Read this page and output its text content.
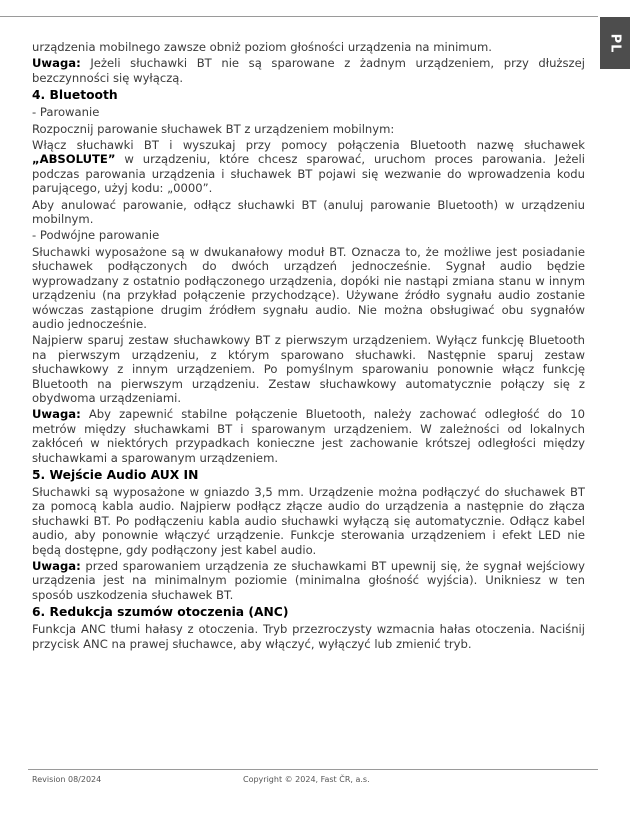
PL

urządzenia mobilnego zawsze obniż poziom głośności urządzenia na minimum.

Uwaga: Jeżeli słuchawki BT nie są sparowane z żadnym urządzeniem, przy dłuższej bezczynności się wyłączą.

4. Bluetooth

- Parowanie

Rozpocznij parowanie słuchawek BT z urządzeniem mobilnym:

Włącz słuchawki BT i wyszukaj przy pomocy połączenia Bluetooth nazwę słuchawek „ABSOLUTE” w urządzeniu, które chcesz sparować, uruchom proces parowania. Jeżeli podczas parowania urządzenia i słuchawek BT pojawi się wezwanie do wprowadzenia kodu parującego, użyj kodu: „0000”.

Aby anulować parowanie, odłącz słuchawki BT (anuluj parowanie Bluetooth) w urządzeniu mobilnym.

- Podwójne parowanie

Słuchawki wyposażone są w dwukanałowy moduł BT. Oznacza to, że możliwe jest posiadanie słuchawek podłączonych do dwóch urządzeń jednocześnie. Sygnał audio będzie wyprowadzany z ostatnio podłączonego urządzenia, dopóki nie nastąpi zmiana stanu w innym urządzeniu (na przykład połączenie przychodzące). Używane źródło sygnału audio zostanie wówczas zastąpione drugim źródłem sygnału audio. Nie można obsługiwać obu sygnałów audio jednocześnie.

Najpierw sparuj zestaw słuchawkowy BT z pierwszym urządzeniem. Wyłącz funkcję Bluetooth na pierwszym urządzeniu, z którym sparowano słuchawki. Następnie sparuj zestaw słuchawkowy z innym urządzeniem. Po pomyślnym sparowaniu ponownie włącz funkcję Bluetooth na pierwszym urządzeniu. Zestaw słuchawkowy automatycznie połączy się z obydwoma urządzeniami.

Uwaga: Aby zapewnić stabilne połączenie Bluetooth, należy zachować odległość do 10 metrów między słuchawkami BT i sparowanym urządzeniem. W zależności od lokalnych zakłóceń w niektórych przypadkach konieczne jest zachowanie krótszej odległości między słuchawkami a sparowanym urządzeniem.

5. Wejście Audio AUX IN

Słuchawki są wyposażone w gniazdo 3,5 mm. Urządzenie można podłączyć do słuchawek BT za pomocą kabla audio. Najpierw podłącz złącze audio do urządzenia a następnie do złącza słuchawki BT. Po podłączeniu kabla audio słuchawki wyłączą się automatycznie. Odłącz kabel audio, aby ponownie włączyć urządzenie. Funkcje sterowania urządzeniem i efekt LED nie będą dostępne, gdy podłączony jest kabel audio.

Uwaga: przed sparowaniem urządzenia ze słuchawkami BT upewnij się, że sygnał wejściowy urządzenia jest na minimalnym poziomie (minimalna głośność wyjścia). Unikniesz w ten sposób uszkodzenia słuchawek BT.

6. Redukcja szumów otoczenia (ANC)

Funkcja ANC tłumi hałasy z otoczenia. Tryb przezroczysty wzmacnia hałas otoczenia. Naciśnij przycisk ANC na prawej słuchawce, aby włączyć, wyłączyć lub zmienić tryb.

Revision 08/2024	Copyright © 2024, Fast ČR, a.s.
